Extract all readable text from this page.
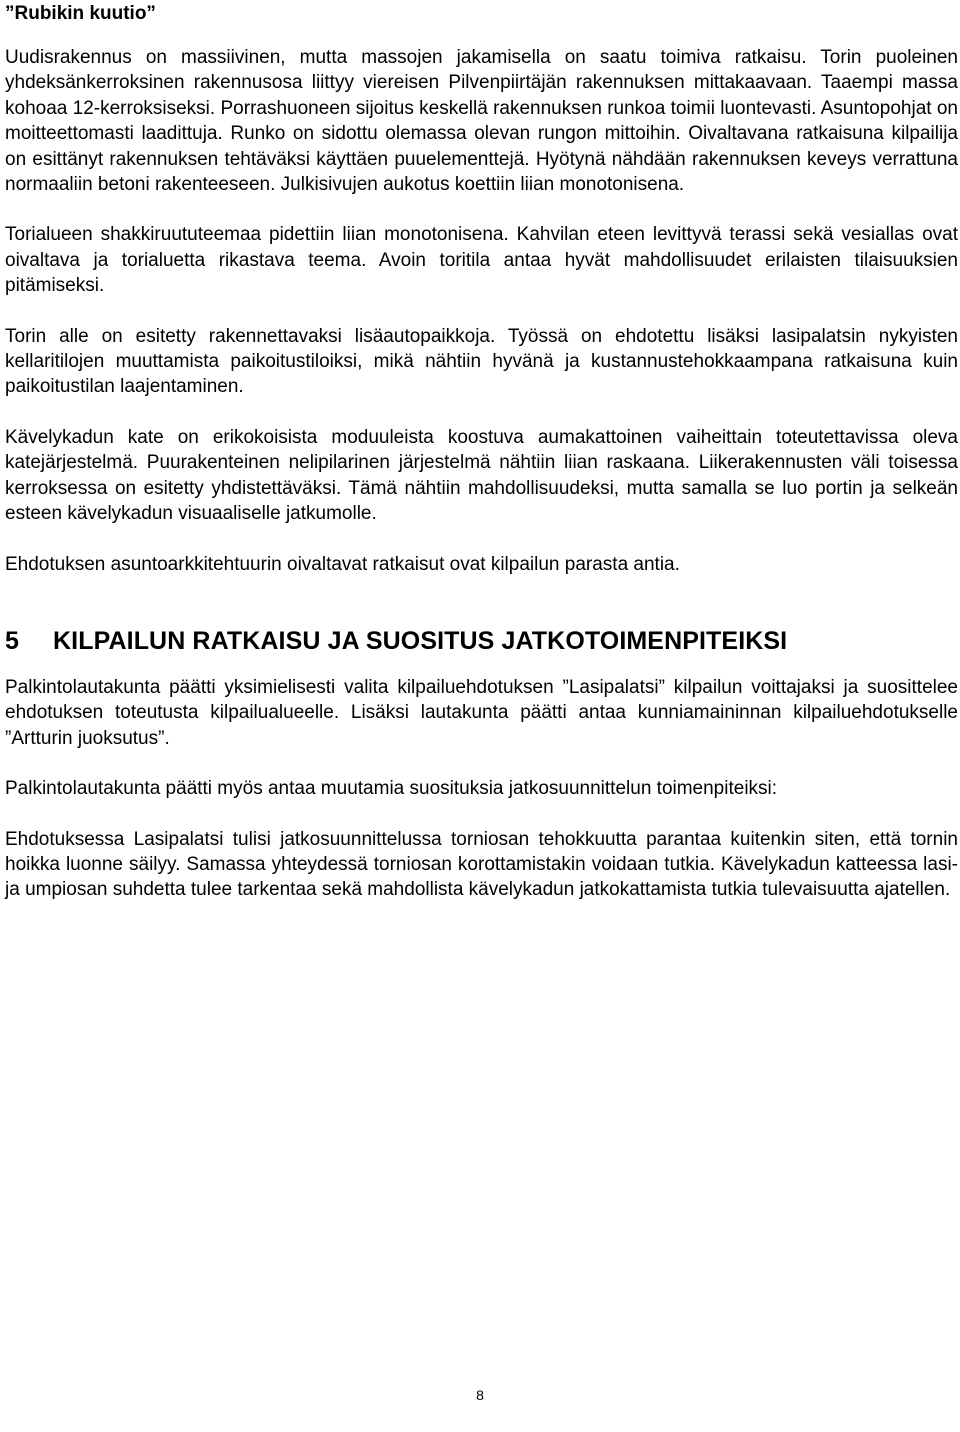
”Rubikin kuutio”

Uudisrakennus on massiivinen, mutta massojen jakamisella on saatu toimiva ratkaisu. Torin puoleinen yhdeksänkerroksinen rakennusosa liittyy viereisen Pilvenpiirtäjän rakennuksen mittakaavaan. Taaempi massa kohoaa 12-kerroksiseksi. Porrashuoneen sijoitus keskellä rakennuksen runkoa toimii luontevasti. Asuntopohjat on moitteettomasti laadittuja. Runko on sidottu olemassa olevan rungon mittoihin. Oivaltavana ratkaisuna kilpailija on esittänyt rakennuksen tehtäväksi käyttäen puuelementtejä. Hyötynä nähdään rakennuksen keveys verrattuna normaaliin betoni rakenteeseen. Julkisivujen aukotus koettiin liian monotonisena.

Torialueen shakkiruututeemaa pidettiin liian monotonisena. Kahvilan eteen levittyvä terassi sekä vesiallas ovat oivaltava ja torialuetta rikastava teema. Avoin toritila antaa hyvät mahdollisuudet erilaisten tilaisuuksien pitämiseksi.

Torin alle on esitetty rakennettavaksi lisäautopaikkoja. Työssä on ehdotettu lisäksi lasipalatsin nykyisten kellaritilojen muuttamista paikoitustiloiksi, mikä nähtiin hyvänä ja kustannustehokkaampana ratkaisuna kuin paikoitustilan laajentaminen.

Kävelykadun kate on erikokoisista moduuleista koostuva aumakattoinen vaiheittain toteutettavissa oleva katejärjestelmä. Puurakenteinen nelipilarinen järjestelmä nähtiin liian raskaana. Liikerakennusten väli toisessa kerroksessa on esitetty yhdistettäväksi. Tämä nähtiin mahdollisuudeksi, mutta samalla se luo portin ja selkeän esteen kävelykadun visuaaliselle jatkumolle.

Ehdotuksen asuntoarkkitehtuurin oivaltavat ratkaisut ovat kilpailun parasta antia.

5 KILPAILUN RATKAISU JA SUOSITUS JATKOTOIMENPITEIKSI

Palkintolautakunta päätti yksimielisesti valita kilpailuehdotuksen ”Lasipalatsi” kilpailun voittajaksi ja suosittelee ehdotuksen toteutusta kilpailualueelle. Lisäksi lautakunta päätti antaa kunniamaininnan kilpailuehdotukselle ”Artturin juoksutus”.

Palkintolautakunta päätti myös antaa muutamia suosituksia jatkosuunnittelun toimenpiteiksi:

Ehdotuksessa Lasipalatsi tulisi jatkosuunnittelussa torniosan tehokkuutta parantaa kuitenkin siten, että tornin hoikka luonne säilyy. Samassa yhteydessä torniosan korottamistakin voidaan tutkia. Kävelykadun katteessa lasi- ja umpiosan suhdetta tulee tarkentaa sekä mahdollista kävelykadun jatkokattamista tutkia tulevaisuutta ajatellen.

8
